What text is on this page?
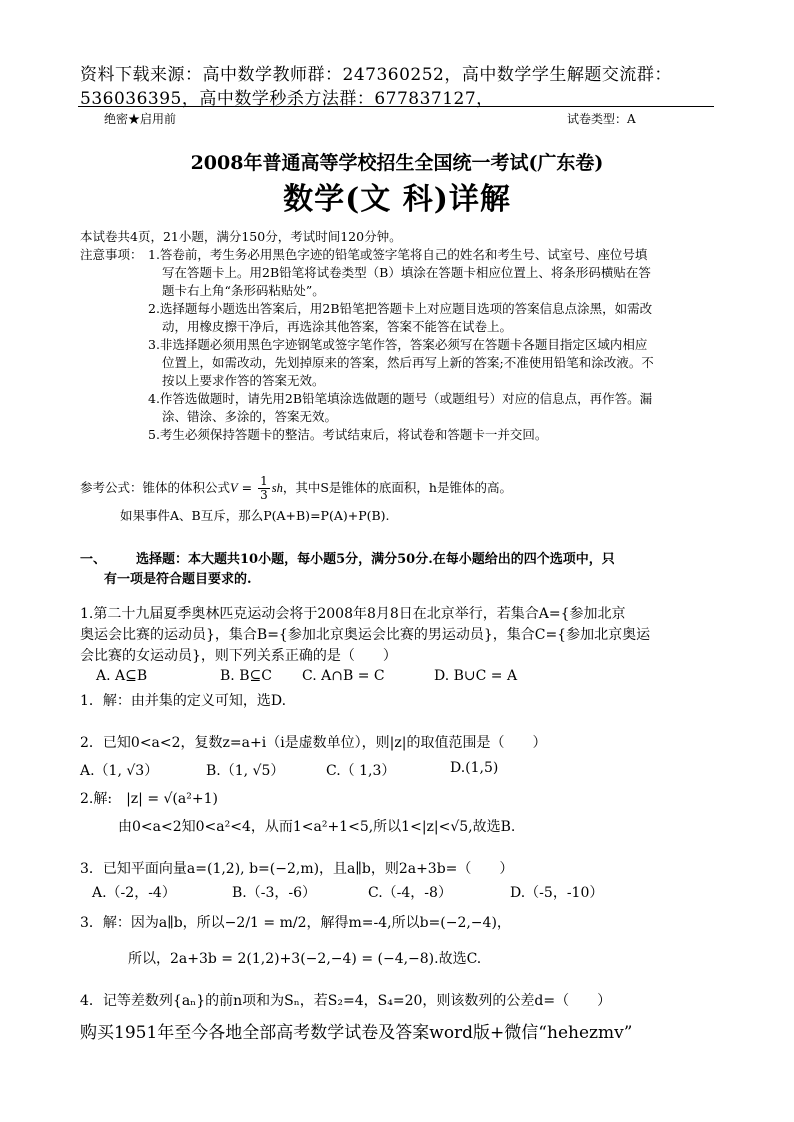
资料下载来源：高中数学教师群：247360252，高中数学学生解题交流群：
536036395，高中数学秒杀方法群：677837127，
绝密★启用前	试卷类型：A
2008年普通高等学校招生全国统一考试(广东卷)
数学(文 科)详解
本试卷共4页，21小题，满分150分，考试时间120分钟。
注意事项： 1.答卷前，考生务必用黑色字迹的铅笔或签字笔将自己的姓名和考生号、试室号、座位号填
写在答题卡上。用2B铅笔将试卷类型（B）填涂在答题卡相应位置上、将条形码横贴在答
题卡右上角“条形码粘贴处”。
2.选择题每小题选出答案后，用2B铅笔把答题卡上对应题目选项的答案信息点涂黑，如需改
动，用橡皮擦干净后，再选涂其他答案，答案不能答在试卷上。
3.非选择题必须用黑色字迹钢笔或签字笔作答，答案必须写在答题卡各题目指定区域内相应
位置上，如需改动，先划掉原来的答案，然后再写上新的答案;不准使用铅笔和涂改液。不
按以上要求作答的答案无效。
4.作答选做题时，请先用2B铅笔填涂选做题的题号（或题组号）对应的信息点，再作答。漏
涂、错涂、多涂的，答案无效。
5.考生必须保持答题卡的整洁。考试结束后，将试卷和答题卡一并交回。
参考公式：锥体的体积公式$V = \frac{1}{3}$ sh，其中S是锥体的底面积，h是锥体的高。
如果事件A、B互斥，那么P(A+B)=P(A)+P(B).
一、 选择题：本大题共10小题，每小题5分，满分50分.在每小题给出的四个选项中，只
有一项是符合题目要求的.
1.第二十九届夏季奥林匹克运动会将于2008年8月8日在北京举行，若集合A={参加北京
奥运会比赛的运动员}，集合B={参加北京奥运会比赛的男运动员}，集合C={参加北京奥运
会比赛的女运动员}，则下列关系正确的是（　　）
A. A⊆B	B. B⊆C C. A∩B = C	D. B∪C = A
1．解：由并集的定义可知，选D.
2．已知0<a<2，复数z=a+i（i是虚数单位），则|z|的取值范围是（　　）
A.（1, √3）	B.（1, √5）	C.（ 1,3）	D.(1,5)
2.解:　|z| = √(a²+1)
由0<a<2知0<a²<4，从而1<a²+1<5,所以1<|z|<√5,故选B.
3．已知平面向量a=(1,2), b=(−2,m)，且a∥b，则2a+3b=（　　）
A.（-2，-4）	B.（-3，-6）	C.（-4，-8）	D.（-5，-10）
3．解：因为a∥b，所以−2/1 = m/2，解得m=-4,所以b=(−2,−4)，
所以，2a+3b = 2(1,2)+3(−2,−4) = (−4,−8).故选C.
4．记等差数列{aₙ}的前n项和为Sₙ，若S₂=4，S₄=20，则该数列的公差d=（　　）
购买1951年至今各地全部高考数学试卷及答案word版+微信“hehezmv”
